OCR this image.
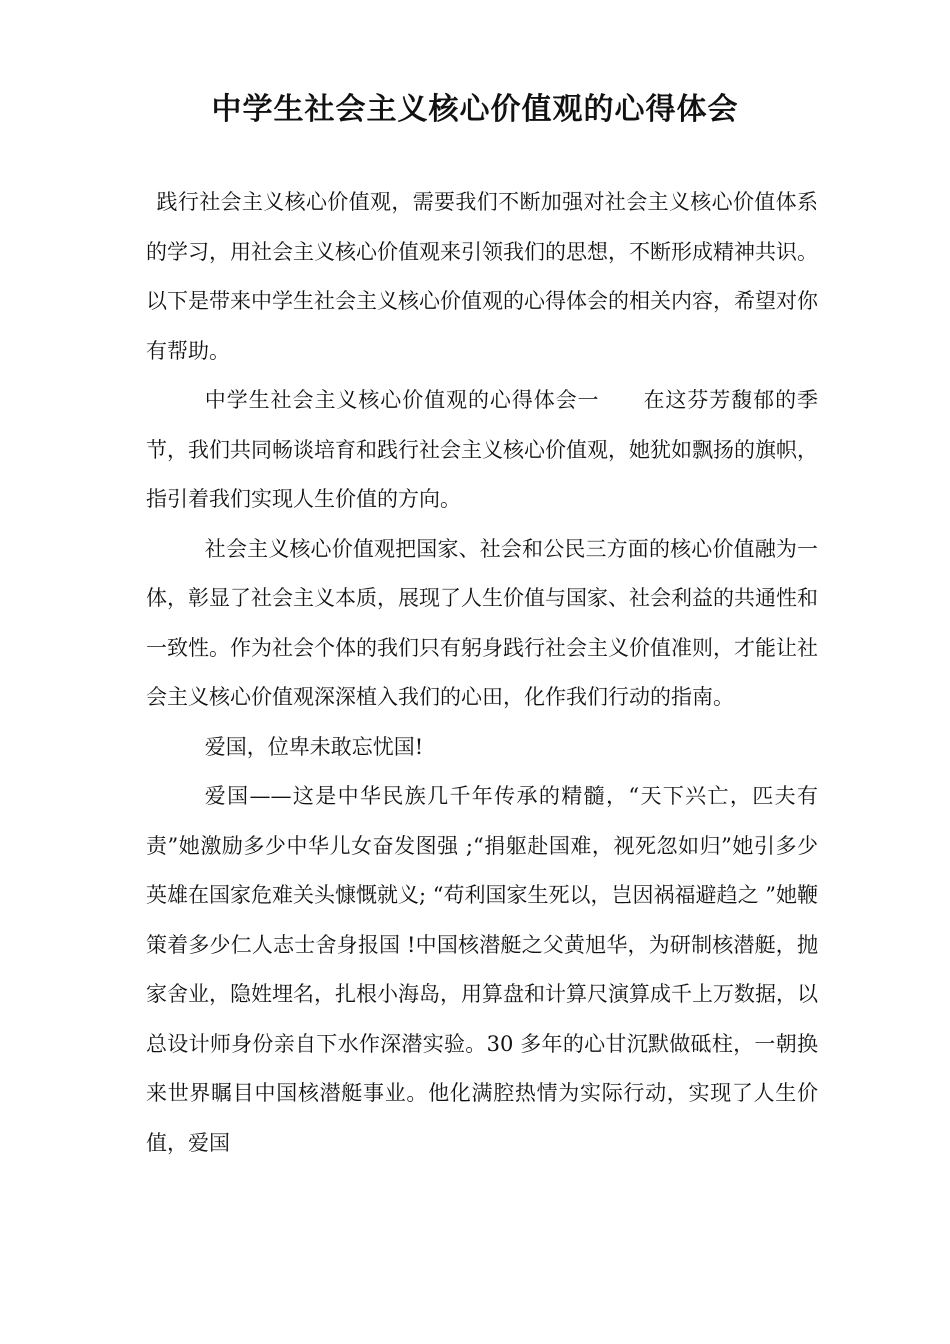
中学生社会主义核心价值观的心得体会

践行社会主义核心价值观，需要我们不断加强对社会主义核心价值体系的学习，用社会主义核心价值观来引领我们的思想，不断形成精神共识。以下是带来中学生社会主义核心价值观的心得体会的相关内容，希望对你有帮助。

中学生社会主义核心价值观的心得体会一　　在这芬芳馥郁的季节，我们共同畅谈培育和践行社会主义核心价值观，她犹如飘扬的旗帜，指引着我们实现人生价值的方向。

社会主义核心价值观把国家、社会和公民三方面的核心价值融为一体，彰显了社会主义本质，展现了人生价值与国家、社会利益的共通性和一致性。作为社会个体的我们只有躬身践行社会主义价值准则，才能让社会主义核心价值观深深植入我们的心田，化作我们行动的指南。

爱国，位卑未敢忘忧国!

爱国——这是中华民族几千年传承的精髓，“天下兴亡，匹夫有责”她激励多少中华儿女奋发图强 ;“捐躯赴国难，视死忽如归”她引多少英雄在国家危难关头慷慨就义; “苟利国家生死以，岂因祸福避趋之 ”她鞭策着多少仁人志士舍身报国 !中国核潜艇之父黄旭华，为研制核潜艇，抛家舍业，隐姓埋名，扎根小海岛，用算盘和计算尺演算成千上万数据，以总设计师身份亲自下水作深潜实验。30 多年的心甘沉默做砥柱，一朝换来世界瞩目中国核潜艇事业。他化满腔热情为实际行动，实现了人生价值，爱国
